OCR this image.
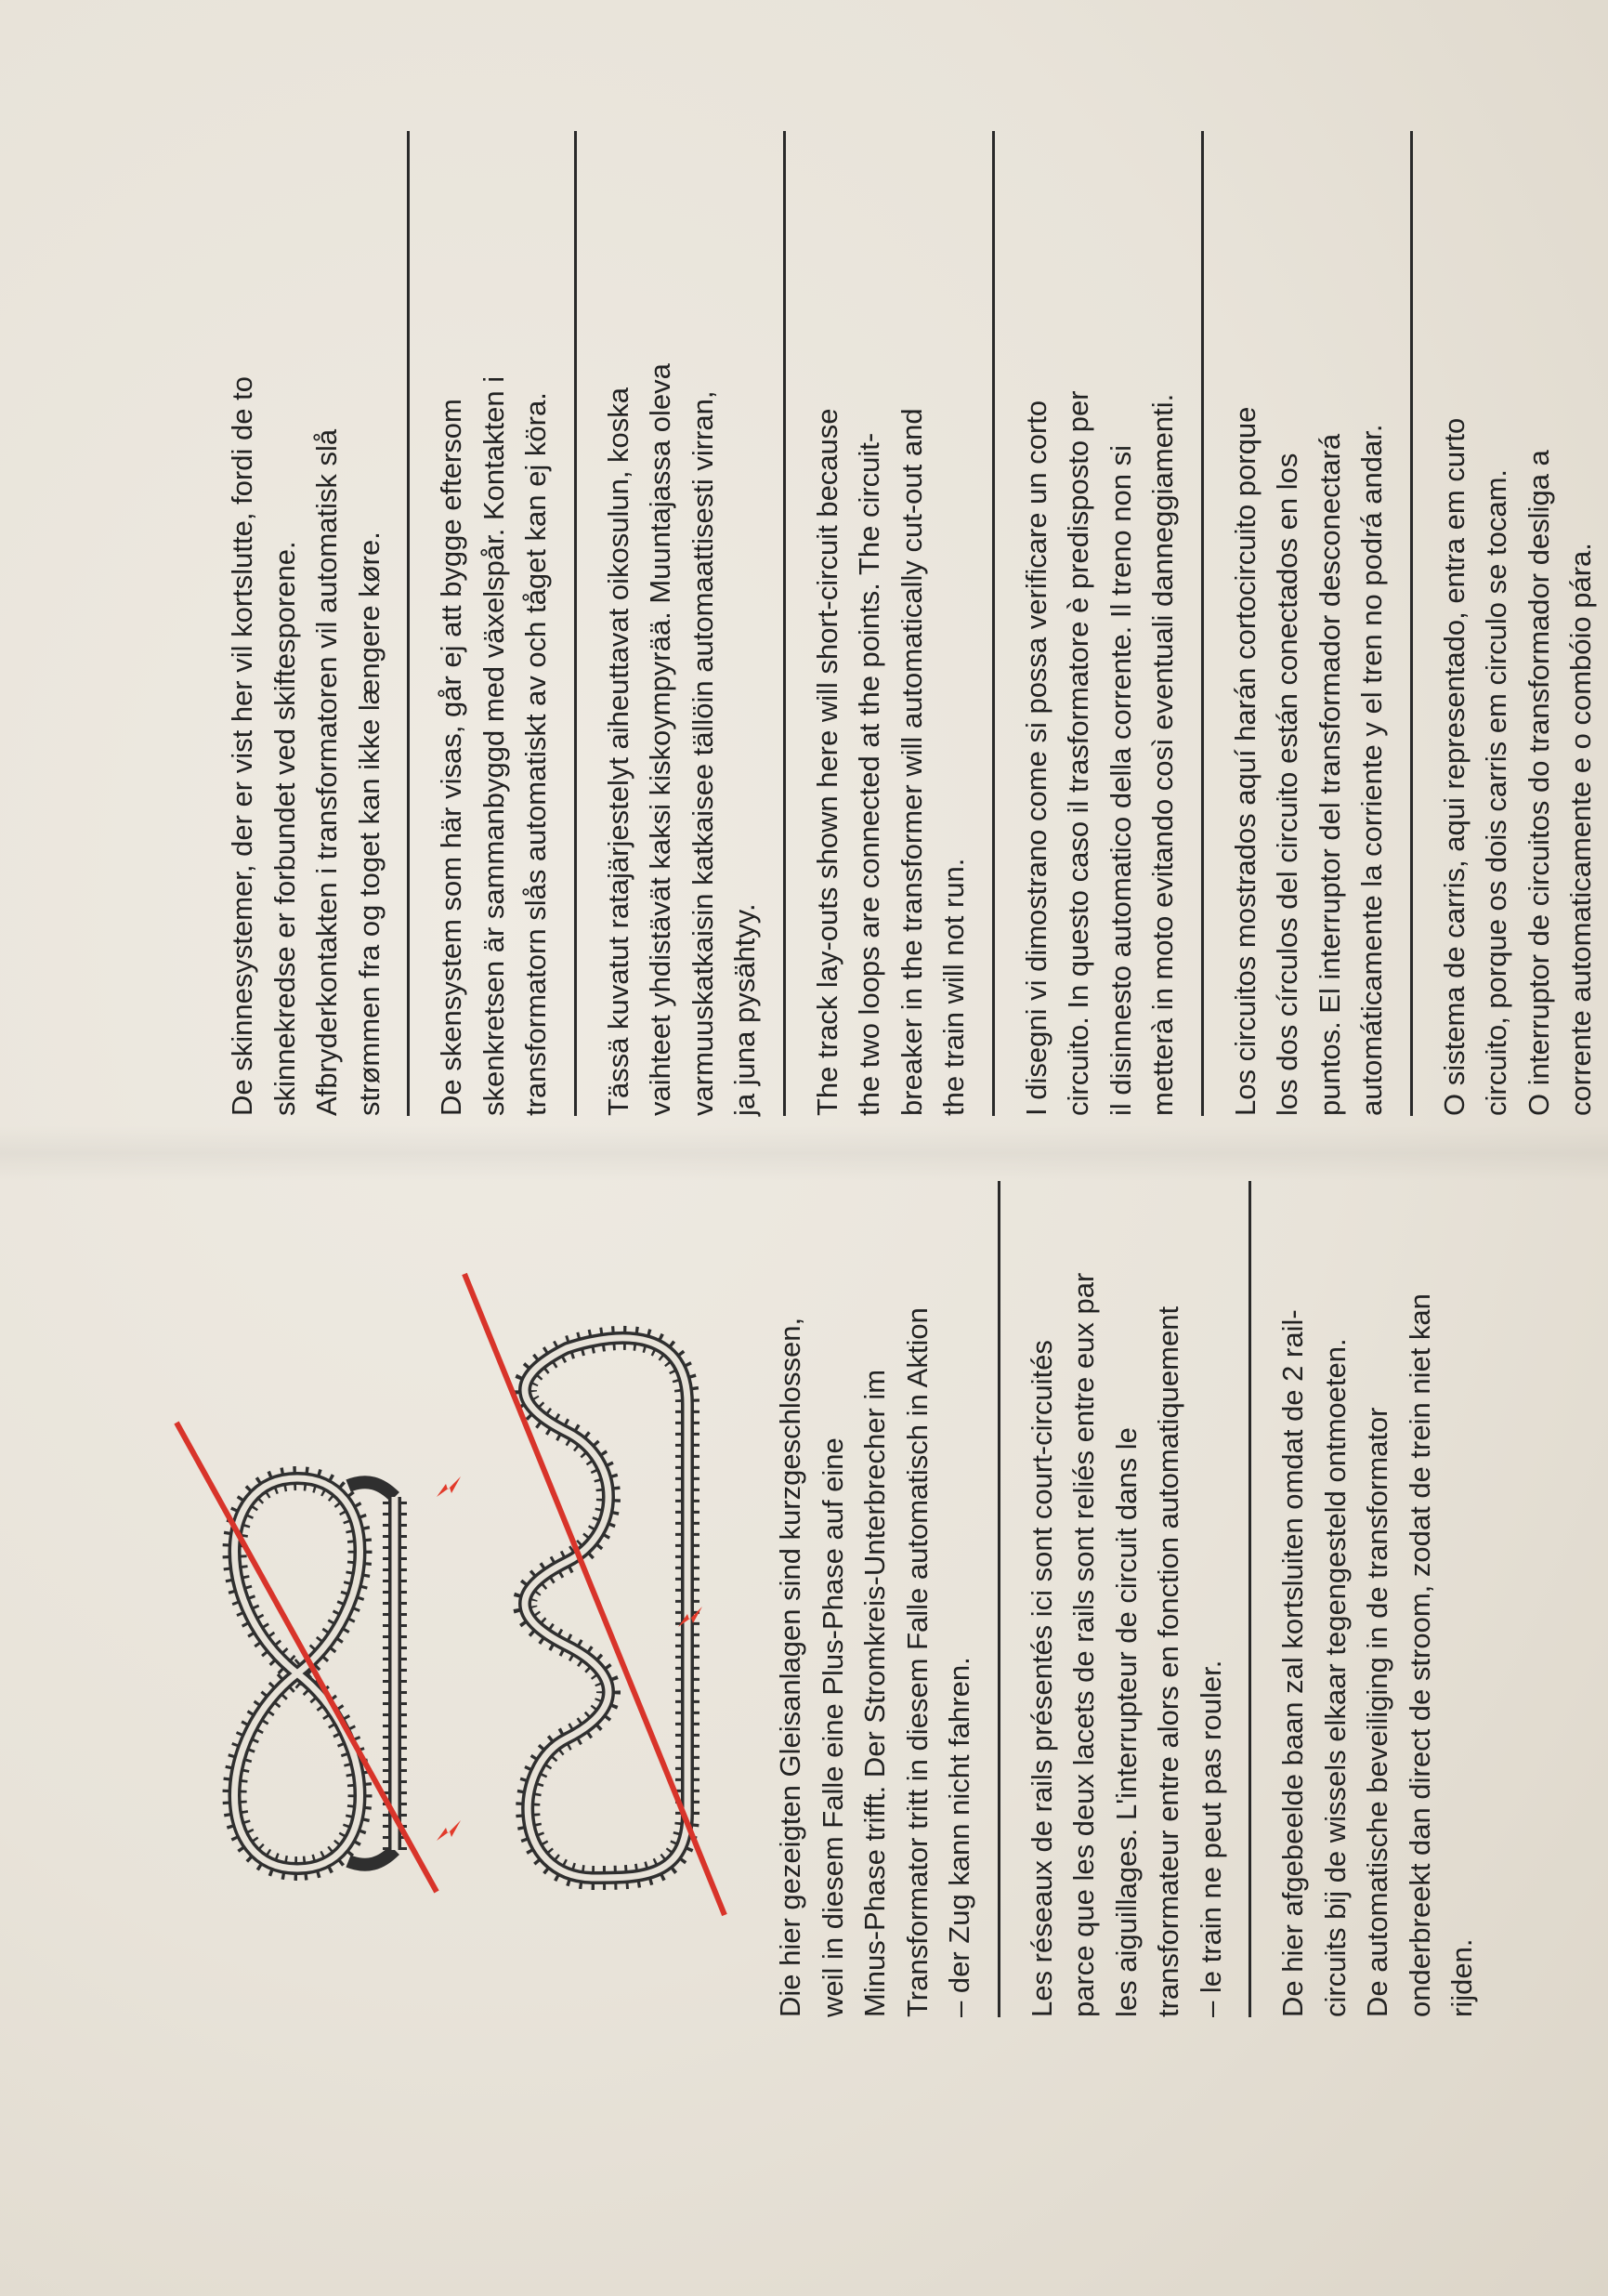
Die hier gezeigten Gleisanlagen sind kurzgeschlossen,
weil in diesem Falle eine Plus-Phase auf eine
Minus-Phase trifft. Der Stromkreis-Unterbrecher im
Transformator tritt in diesem Falle automatisch in Aktion
– der Zug kann nicht fahren.
Les réseaux de rails présentés ici sont court-circuités
parce que les deux lacets de rails sont reliés entre eux par
les aiguillages. L'interrupteur de circuit dans le
transformateur entre alors en fonction automatiquement
– le train ne peut pas rouler.
De hier afgebeelde baan zal kortsluiten omdat de 2 rail-
circuits bij de wissels elkaar tegengesteld ontmoeten.
De automatische beveiliging in de transformator
onderbreekt dan direct de stroom, zodat de trein niet kan
rijden.
De skinnesystemer, der er vist her vil kortslutte, fordi de to
skinnekredse er forbundet ved skiftesporene.
Afbryderkontakten i transformatoren vil automatisk slå
strømmen fra og toget kan ikke længere køre.
De skensystem som här visas, går ej att bygge eftersom
skenkretsen är sammanbyggd med växelspår. Kontakten i
transformatorn slås automatiskt av och tåget kan ej köra.
Tässä kuvatut ratajärjestelyt aiheuttavat oikosulun, koska
vaihteet yhdistävät kaksi kiskoympyrää. Muuntajassa oleva
varmuuskatkaisin katkaisee tällöin automaattisesti virran,
ja juna pysähtyy.
The track lay-outs shown here will short-circuit because
the two loops are connected at the points. The circuit-
breaker in the transformer will automatically cut-out and
the train will not run.
I disegni vi dimostrano come si possa verificare un corto
circuito. In questo caso il trasformatore è predisposto per
il disinnesto automatico della corrente. Il treno non si
metterà in moto evitando così eventuali danneggiamenti.
Los circuitos mostrados aquí harán cortocircuito porque
los dos círculos del circuito están conectados en los
puntos. El interruptor del transformador desconectará
automáticamente la corriente y el tren no podrá andar.
O sistema de carris, aqui representado, entra em curto
circuito, porque os dois carris em circulo se tocam.
O interruptor de circuitos do transformador desliga a
corrente automaticamente e o combóio pára.
